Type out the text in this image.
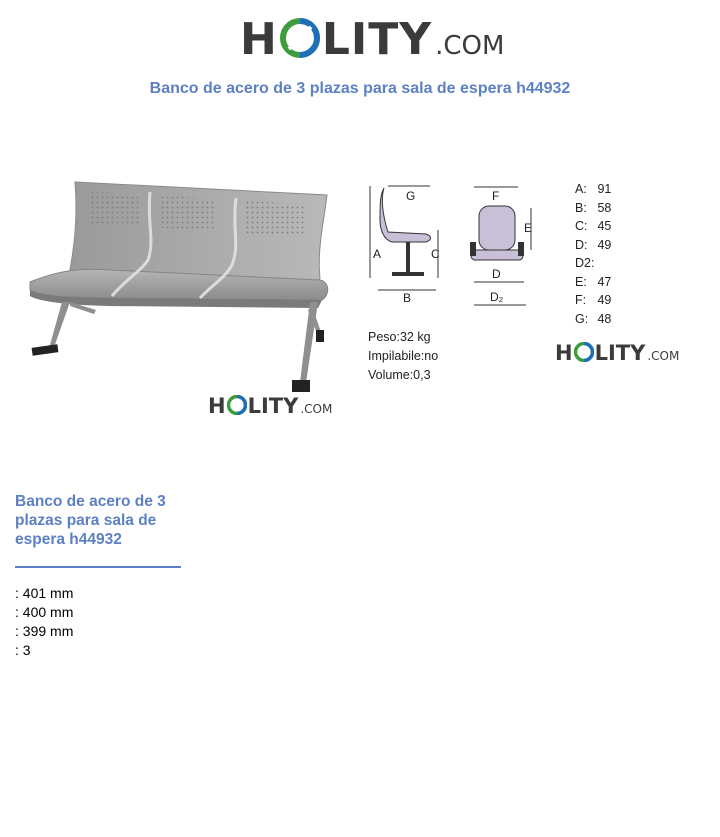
H LITY .COM
Banco de acero de 3 plazas para sala de espera h44932
H LITY .COM
G
A	C
B
F
E
D
D₂
Peso:32 kg
Impilabile:no
Volume:0,3
A: 91
B: 58
C: 45
D: 49
D2:
E: 47
F: 49
G: 48
H LITY .COM
Banco de acero de 3 plazas para sala de espera h44932
: 401 mm
: 400 mm
: 399 mm
: 3
